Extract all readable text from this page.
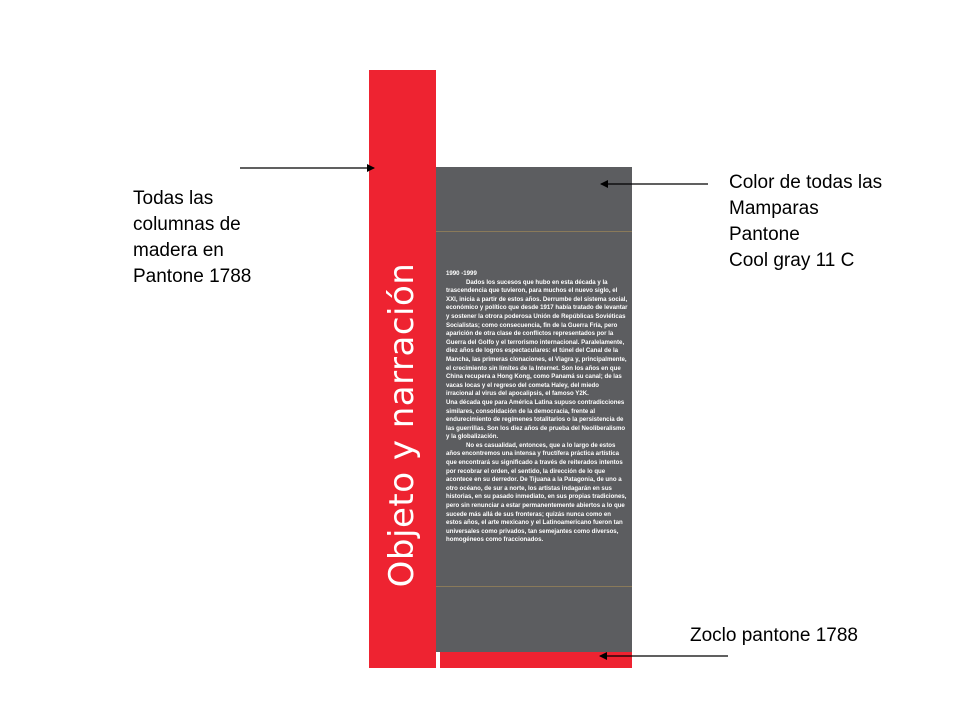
Objeto y narración	1990 -1999

Dados los sucesos que hubo en esta década y la trascendencia que tuvieron, para muchos el nuevo siglo, el XXI, inicia a partir de estos años. Derrumbe del sistema social, económico y político que desde 1917 había tratado de levantar y sostener la otrora poderosa Unión de Repúblicas Soviéticas Socialistas; como consecuencia, fin de la Guerra Fría, pero aparición de otra clase de conflictos representados por la Guerra del Golfo y el terrorismo internacional. Paralelamente, diez años de logros espectaculares: el túnel del Canal de la Mancha, las primeras clonaciones, el Viagra y, principalmente, el crecimiento sin límites de la Internet. Son los años en que China recupera a Hong Kong, como Panamá su canal; de las vacas locas y el regreso del cometa Haley, del miedo irracional al virus del apocalipsis, el famoso Y2K.

Una década que para América Latina supuso contradicciones similares, consolidación de la democracia, frente al endurecimiento de regímenes totalitarios o la persistencia de las guerrillas. Son los diez años de prueba del Neoliberalismo y la globalización.

No es casualidad, entonces, que a lo largo de estos años encontremos una intensa y fructífera práctica artística que encontrará su significado a través de reiterados intentos por recobrar el orden, el sentido, la dirección de lo que acontece en su derredor. De Tijuana a la Patagonia, de uno a otro océano, de sur a norte, los artistas indagarán en sus historias, en su pasado inmediato, en sus propias tradiciones, pero sin renunciar a estar permanentemente abiertos a lo que sucede más allá de sus fronteras; quizás nunca como en estos años, el arte mexicano y el Latinoamericano fueron tan universales como privados, tan semejantes como diversos, homogéneos como fraccionados.

Todas las

columnas de

madera en

Pantone 1788

Color de todas las

Mamparas

Pantone

Cool gray 11 C

Zoclo pantone 1788
